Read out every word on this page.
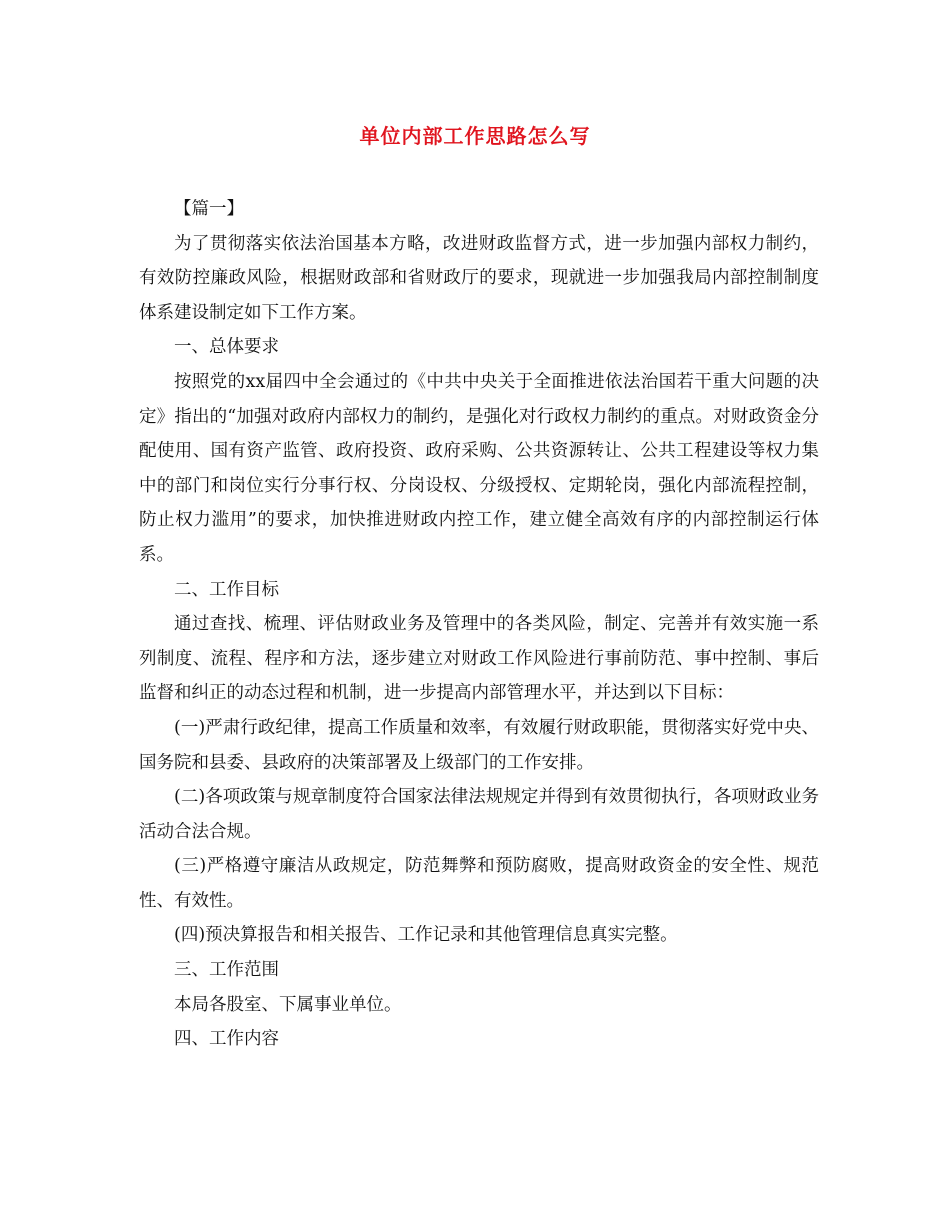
单位内部工作思路怎么写

【篇一】

为了贯彻落实依法治国基本方略，改进财政监督方式，进一步加强内部权力制约，有效防控廉政风险，根据财政部和省财政厅的要求，现就进一步加强我局内部控制制度体系建设制定如下工作方案。

一、总体要求

按照党的xx届四中全会通过的《中共中央关于全面推进依法治国若干重大问题的决定》指出的“加强对政府内部权力的制约，是强化对行政权力制约的重点。对财政资金分配使用、国有资产监管、政府投资、政府采购、公共资源转让、公共工程建设等权力集中的部门和岗位实行分事行权、分岗设权、分级授权、定期轮岗，强化内部流程控制，防止权力滥用”的要求，加快推进财政内控工作，建立健全高效有序的内部控制运行体系。

二、工作目标

通过查找、梳理、评估财政业务及管理中的各类风险，制定、完善并有效实施一系列制度、流程、程序和方法，逐步建立对财政工作风险进行事前防范、事中控制、事后监督和纠正的动态过程和机制，进一步提高内部管理水平，并达到以下目标：

(一)严肃行政纪律，提高工作质量和效率，有效履行财政职能，贯彻落实好党中央、国务院和县委、县政府的决策部署及上级部门的工作安排。

(二)各项政策与规章制度符合国家法律法规规定并得到有效贯彻执行，各项财政业务活动合法合规。

(三)严格遵守廉洁从政规定，防范舞弊和预防腐败，提高财政资金的安全性、规范性、有效性。

(四)预决算报告和相关报告、工作记录和其他管理信息真实完整。

三、工作范围

本局各股室、下属事业单位。

四、工作内容
